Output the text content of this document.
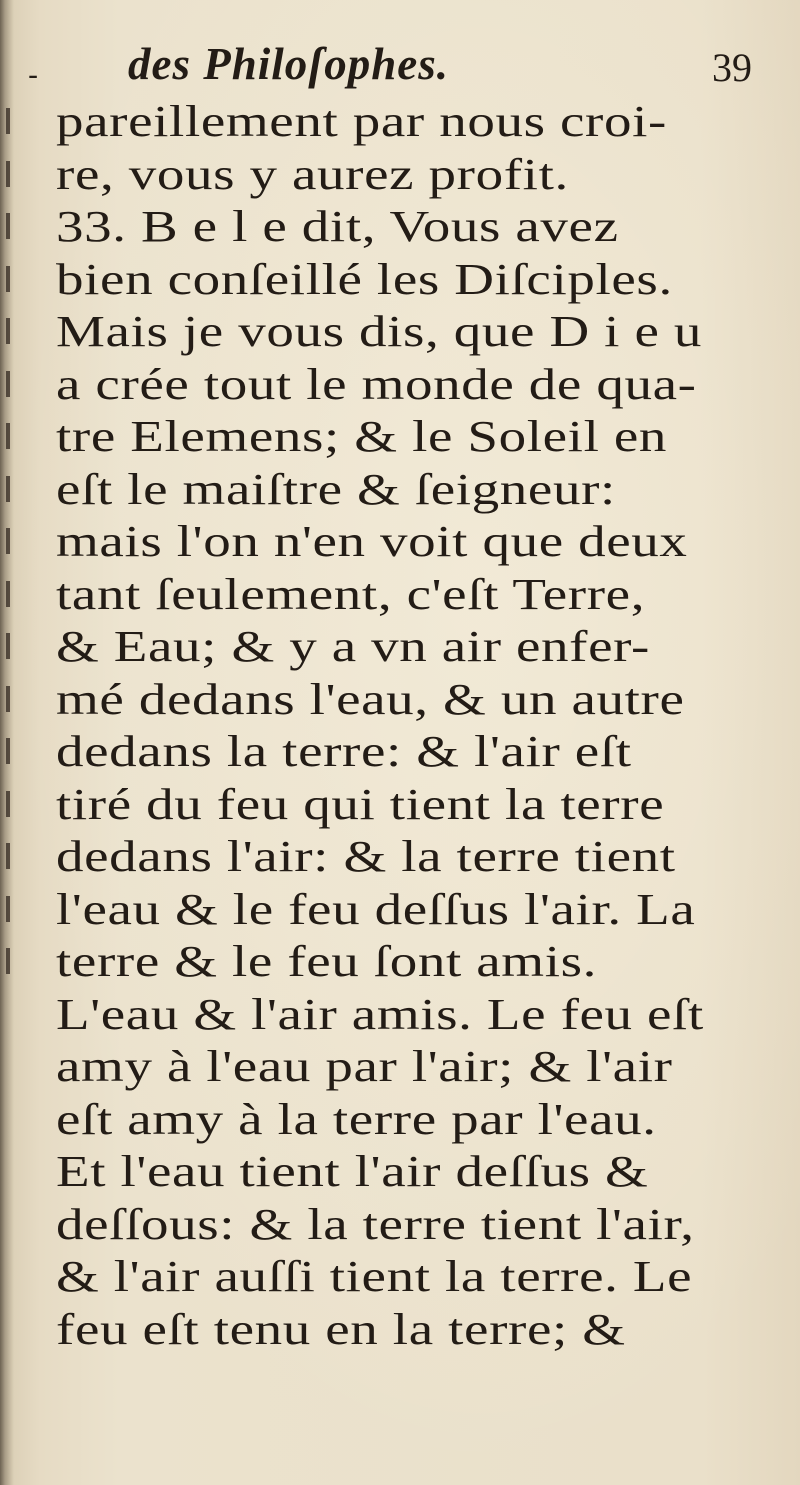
- des Philoſophes.	39
pareillement par nous croi-
re, vous y aurez profit.
33. B e l e dit, Vous avez
bien conſeillé les Diſciples.
Mais je vous dis, que D i e u
a crée tout le monde de qua-
tre Elemens; & le Soleil en
eſt le maiſtre & ſeigneur:
mais l'on n'en voit que deux
tant ſeulement, c'eſt Terre,
& Eau; & y a vn air enfer-
mé dedans l'eau, & un autre
dedans la terre: & l'air eſt
tiré du feu qui tient la terre
dedans l'air: & la terre tient
l'eau & le feu deſſus l'air. La
terre & le feu ſont amis.
L'eau & l'air amis. Le feu eſt
amy à l'eau par l'air; & l'air
eſt amy à la terre par l'eau.
Et l'eau tient l'air deſſus &
deſſous: & la terre tient l'air,
& l'air auſſi tient la terre. Le
feu eſt tenu en la terre; &
